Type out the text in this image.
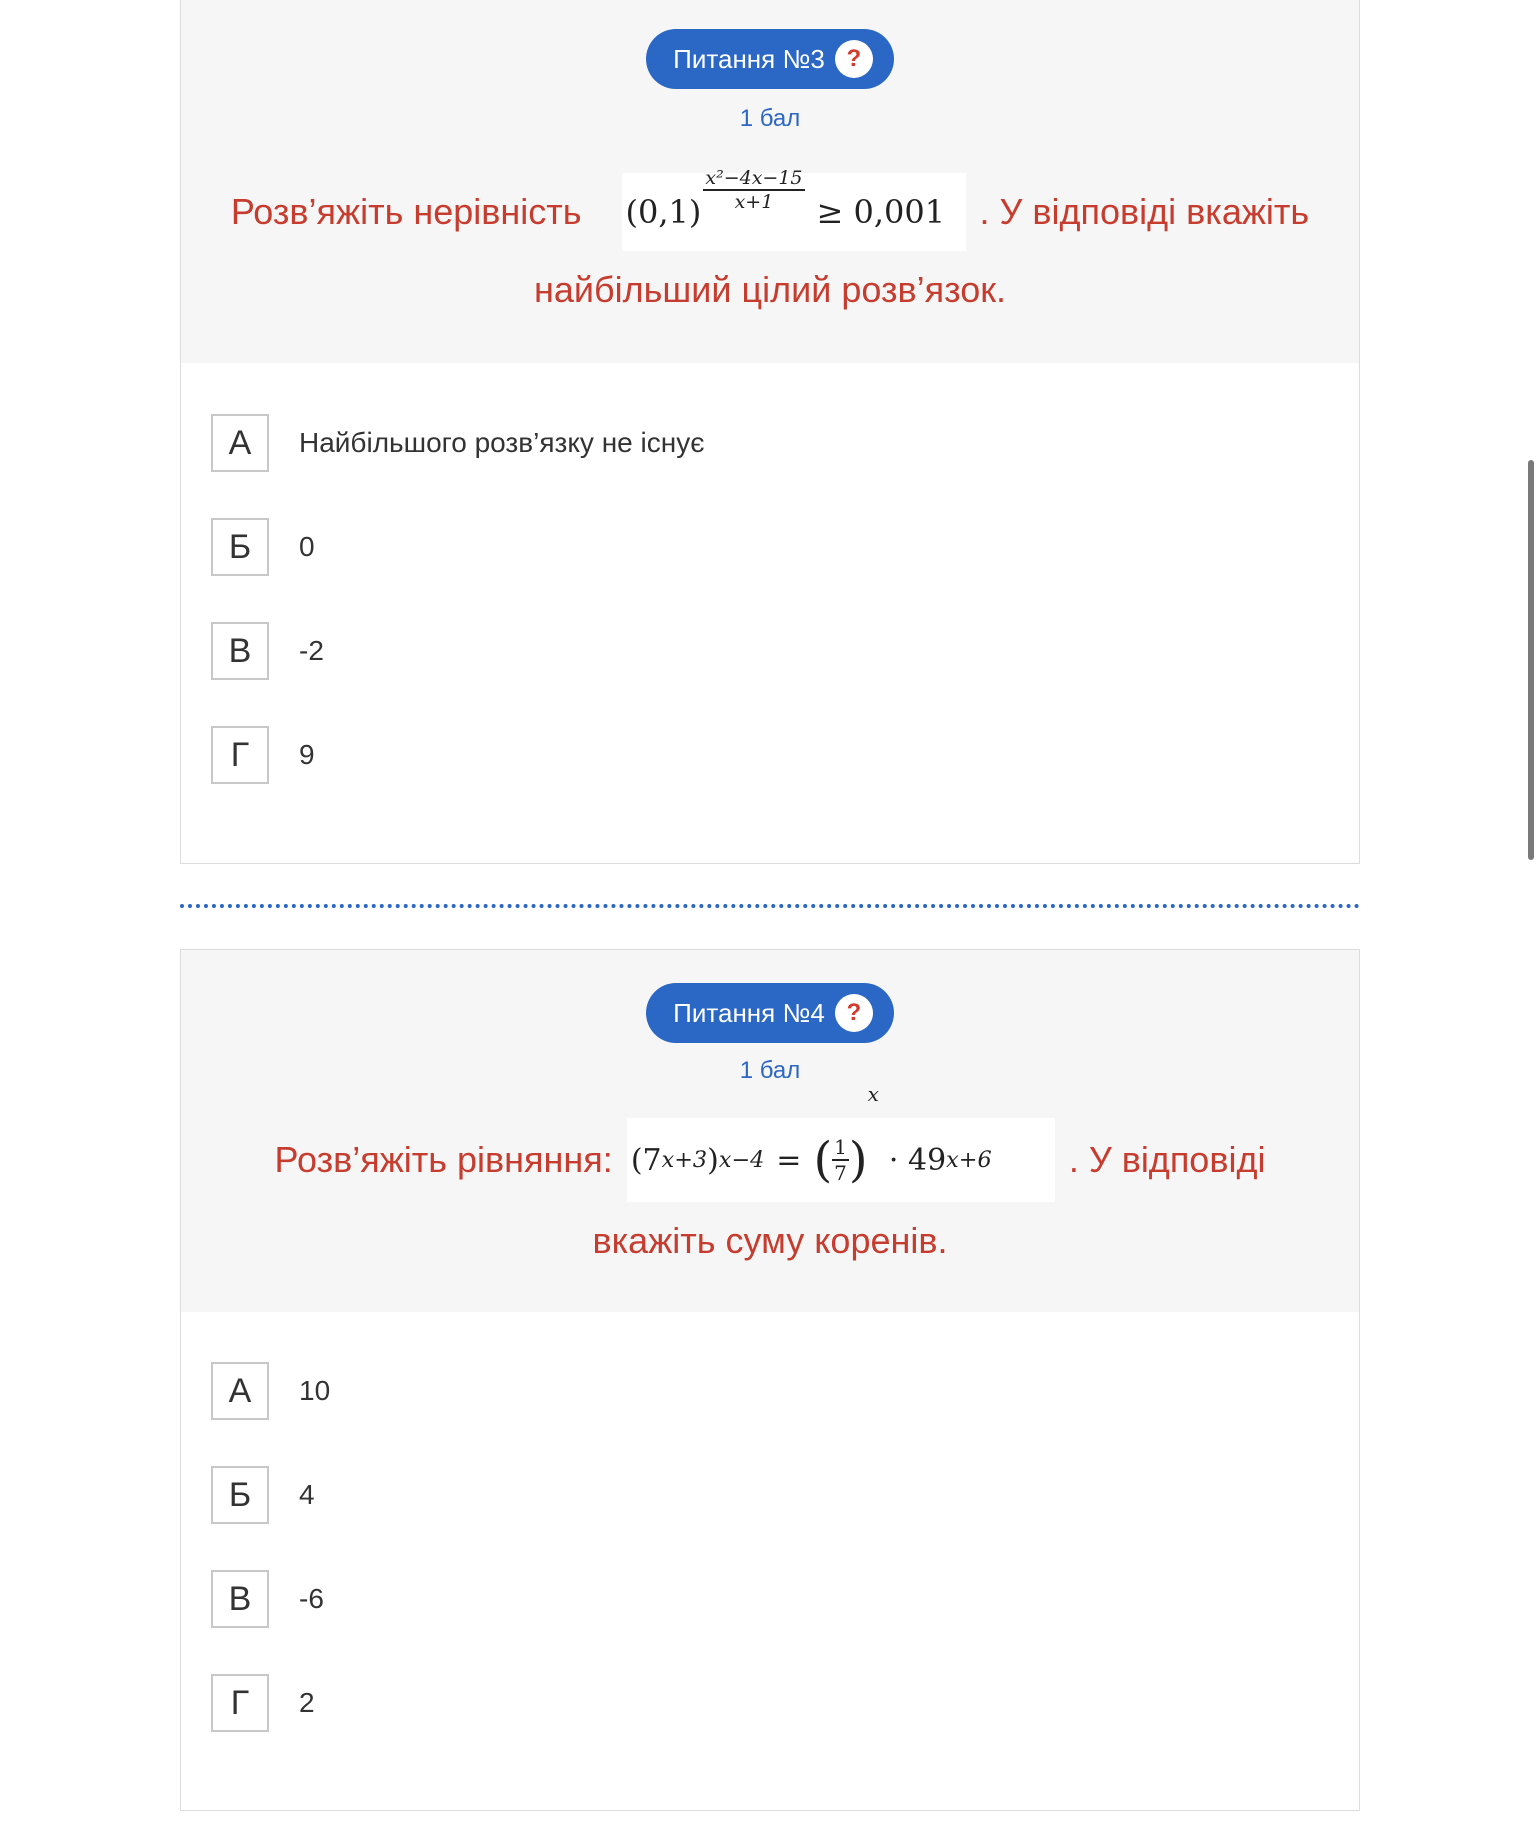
Питання №3 ?
1 бал
Розв’яжіть нерівність $(0,1) \frac{\text{x²−4x−15}}{x+1} \ge 0,001$ . У відповіді вкажіть
найбільший цілий розв’язок.
А	Найбільшого розв’язку не існує
Б	0
В	-2
Г	9
Питання №4 ?
1 бал
Розв’яжіть рівняння: (7 x+3 ) x−4 = ( $\frac{1}{7}$ )
x
· 49 x+6 . У відповіді
вкажіть суму коренів.
А	10
Б	4
В	-6
Г	2
